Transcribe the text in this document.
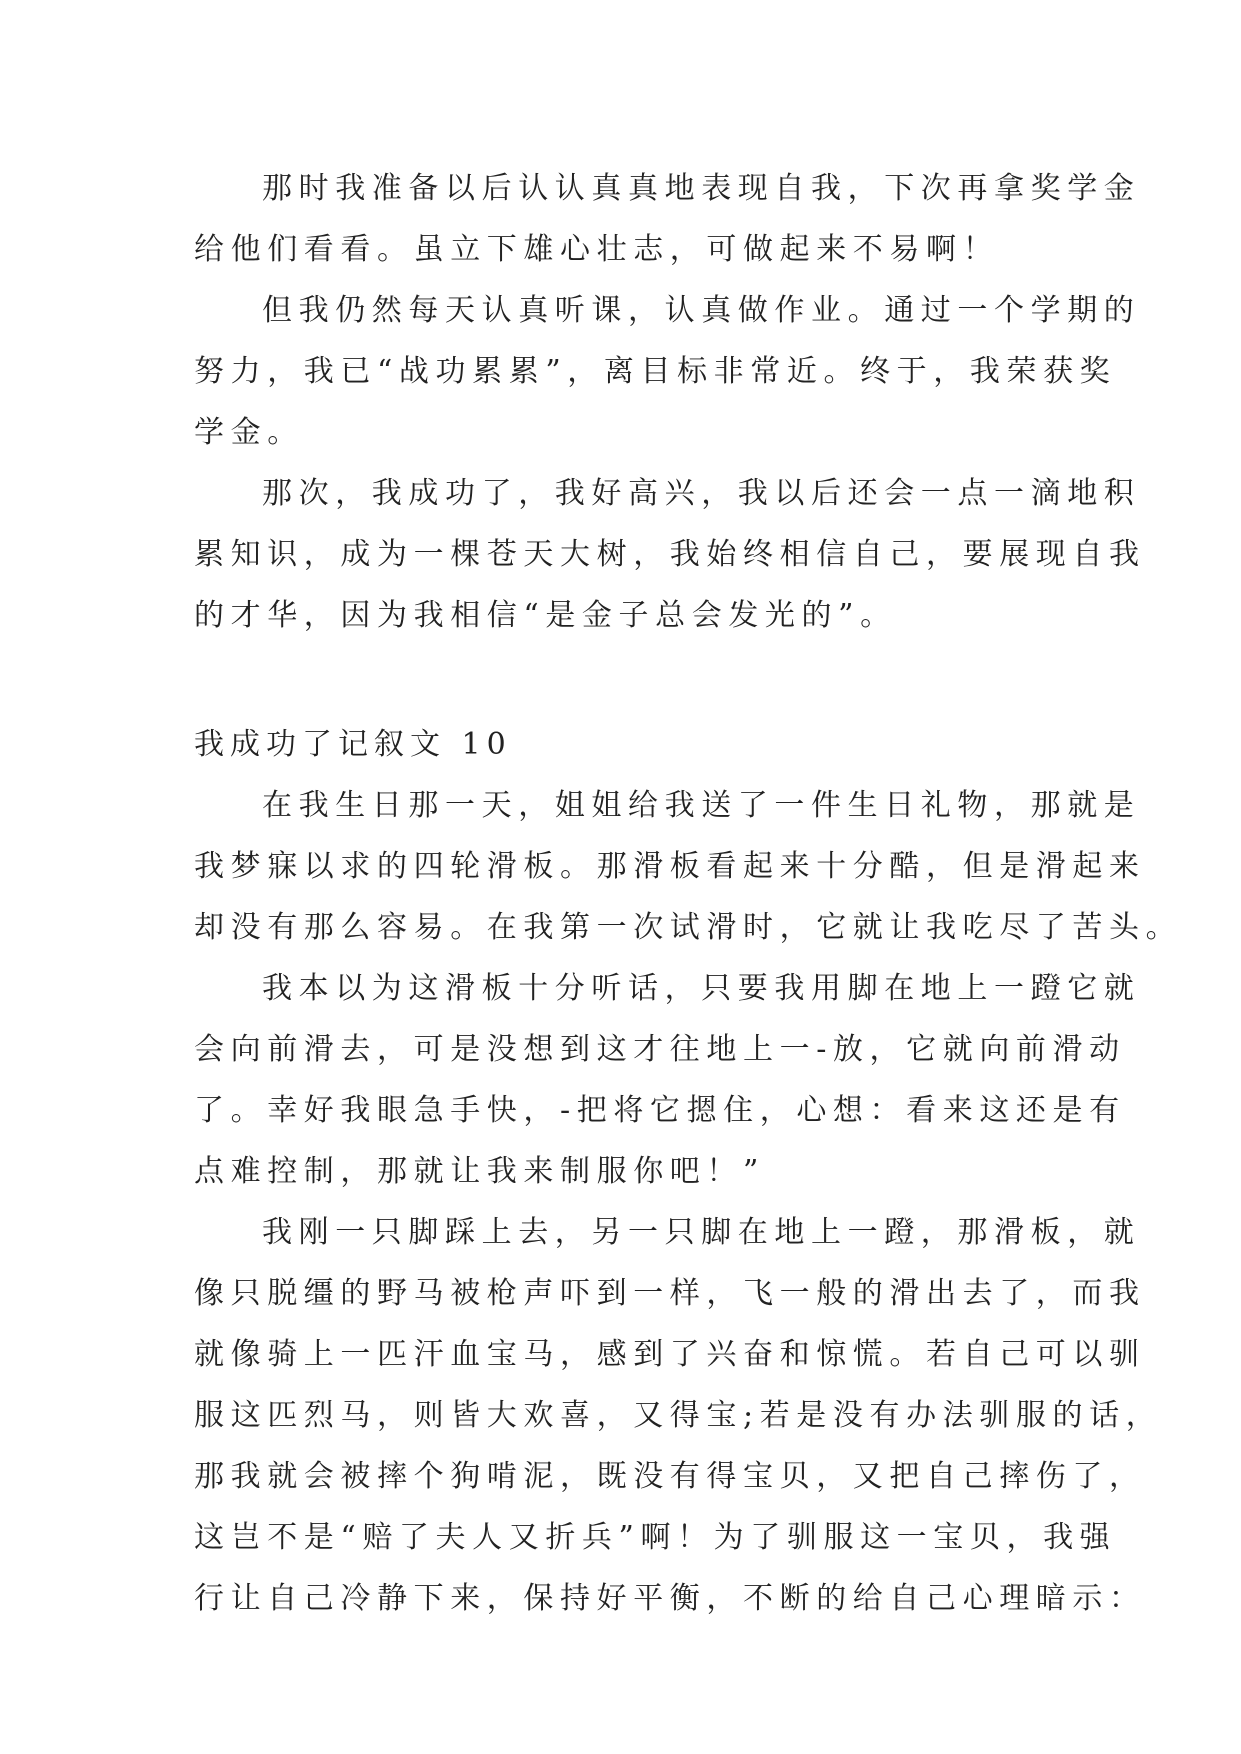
那时我准备以后认认真真地表现自我，下次再拿奖学金
给他们看看。虽立下雄心壮志，可做起来不易啊！

但我仍然每天认真听课，认真做作业。通过一个学期的
努力，我已“战功累累”，离目标非常近。终于，我荣获奖
学金。

那次，我成功了，我好高兴，我以后还会一点一滴地积
累知识，成为一棵苍天大树，我始终相信自己，要展现自我
的才华，因为我相信“是金子总会发光的”。

我成功了记叙文 10

在我生日那一天，姐姐给我送了一件生日礼物，那就是
我梦寐以求的四轮滑板。那滑板看起来十分酷，但是滑起来
却没有那么容易。在我第一次试滑时，它就让我吃尽了苦头。

我本以为这滑板十分听话，只要我用脚在地上一蹬它就
会向前滑去，可是没想到这才往地上一-放，它就向前滑动
了。幸好我眼急手快，-把将它摁住，心想：看来这还是有
点难控制，那就让我来制服你吧！”

我刚一只脚踩上去，另一只脚在地上一蹬，那滑板，就
像只脱缰的野马被枪声吓到一样，飞一般的滑出去了，而我
就像骑上一匹汗血宝马，感到了兴奋和惊慌。若自己可以驯
服这匹烈马，则皆大欢喜，又得宝;若是没有办法驯服的话，
那我就会被摔个狗啃泥，既没有得宝贝，又把自己摔伤了，
这岂不是“赔了夫人又折兵”啊！为了驯服这一宝贝，我强
行让自己冷静下来，保持好平衡，不断的给自己心理暗示：
